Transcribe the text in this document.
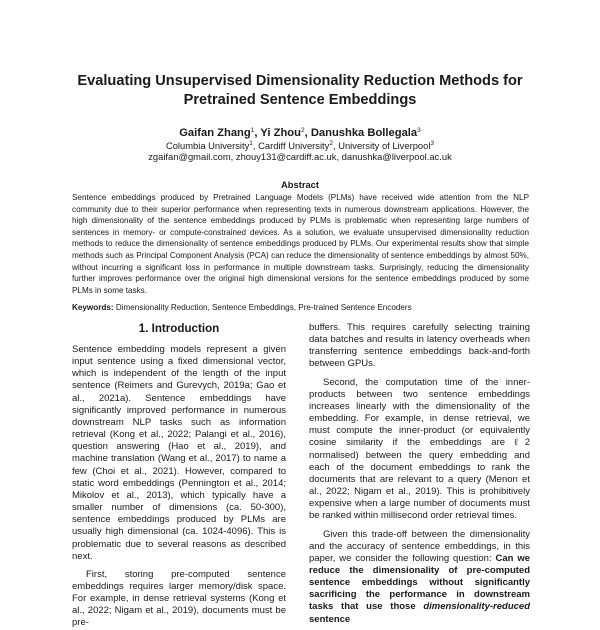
Evaluating Unsupervised Dimensionality Reduction Methods for
Pretrained Sentence Embeddings
Gaifan Zhang$^1$, Yi Zhou$^2$, Danushka Bollegala$^3$
Columbia University$^1$, Cardiff University$^2$, University of Liverpool$^3$
zgaifan@gmail.com, zhouy131@cardiff.ac.uk, danushka@liverpool.ac.uk
Abstract
Sentence embeddings produced by Pretrained Language Models (PLMs) have received wide attention from the NLP community due to their superior performance when representing texts in numerous downstream applications. However, the high dimensionality of the sentence embeddings produced by PLMs is problematic when representing large numbers of sentences in memory- or compute-constrained devices. As a solution, we evaluate unsupervised dimensionality reduction methods to reduce the dimensionality of sentence embeddings produced by PLMs. Our experimental results show that simple methods such as Principal Component Analysis (PCA) can reduce the dimensionality of sentence embeddings by almost 50%, without incurring a significant loss in performance in multiple downstream tasks. Surprisingly, reducing the dimensionality further improves performance over the original high dimensional versions for the sentence embeddings produced by some PLMs in some tasks.
Keywords: Dimensionality Reduction, Sentence Embeddings, Pre-trained Sentence Encoders
1. Introduction

Sentence embedding models represent a given input sentence using a fixed dimensional vector, which is independent of the length of the input sentence (Reimers and Gurevych, 2019a; Gao et al., 2021a). Sentence embeddings have significantly improved performance in numerous downstream NLP tasks such as information retrieval (Kong et al., 2022; Palangi et al., 2016), question answering (Hao et al., 2019), and machine translation (Wang et al., 2017) to name a few (Choi et al., 2021). However, compared to static word embeddings (Pennington et al., 2014; Mikolov et al., 2013), which typically have a smaller number of dimensions (ca. 50-300), sentence embeddings produced by PLMs are usually high dimensional (ca. 1024-4096). This is problematic due to several reasons as described next.

First, storing pre-computed sentence embeddings requires larger memory/disk space. For example, in dense retrieval systems (Kong et al., 2022; Nigam et al., 2019), documents must be pre-

buffers. This requires carefully selecting training data batches and results in latency overheads when transferring sentence embeddings back-and-forth between GPUs.

Second, the computation time of the inner-products between two sentence embeddings increases linearly with the dimensionality of the embedding. For example, in dense retrieval, we must compute the inner-product (or equivalently cosine similarity if the embeddings are ℓ2 normalised) between the query embedding and each of the document embeddings to rank the documents that are relevant to a query (Menon et al., 2022; Nigam et al., 2019). This is prohibitively expensive when a large number of documents must be ranked within millisecond order retrieval times.

Given this trade-off between the dimensionality and the accuracy of sentence embeddings, in this paper, we consider the following question: Can we reduce the dimensionality of pre-computed sentence embeddings without significantly sacrificing the performance in downstream tasks that use those dimensionality-reduced sentence
